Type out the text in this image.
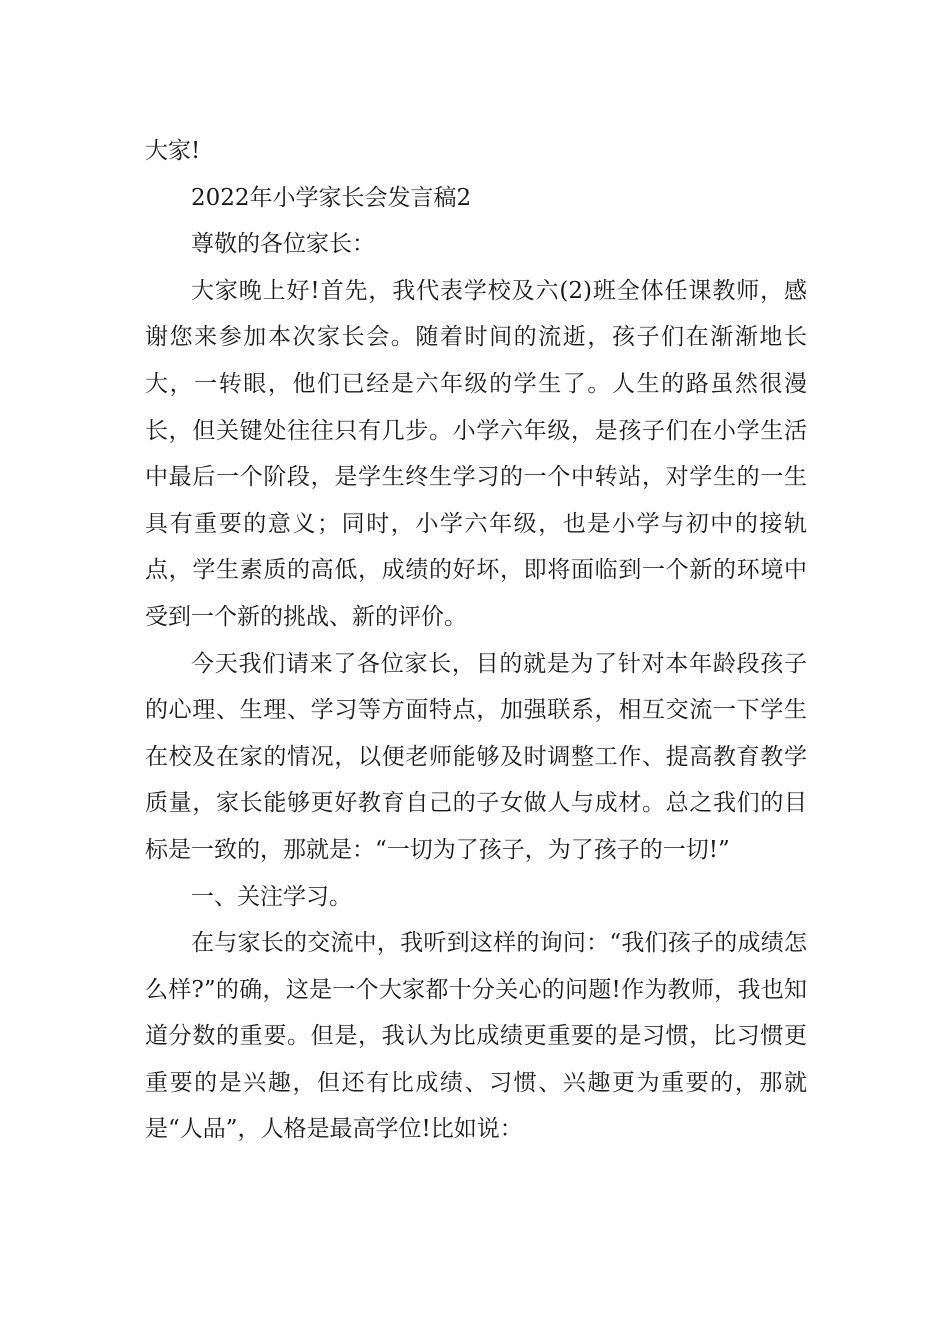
大家!

2022年小学家长会发言稿2

尊敬的各位家长：

大家晚上好!首先，我代表学校及六(2)班全体任课教师，感谢您来参加本次家长会。随着时间的流逝，孩子们在渐渐地长大，一转眼，他们已经是六年级的学生了。人生的路虽然很漫长，但关键处往往只有几步。小学六年级，是孩子们在小学生活中最后一个阶段，是学生终生学习的一个中转站，对学生的一生具有重要的意义；同时，小学六年级，也是小学与初中的接轨点，学生素质的高低，成绩的好坏，即将面临到一个新的环境中受到一个新的挑战、新的评价。

今天我们请来了各位家长，目的就是为了针对本年龄段孩子的心理、生理、学习等方面特点，加强联系，相互交流一下学生在校及在家的情况，以便老师能够及时调整工作、提高教育教学质量，家长能够更好教育自己的子女做人与成材。总之我们的目标是一致的，那就是：“一切为了孩子，为了孩子的一切!”

一、关注学习。

在与家长的交流中，我听到这样的询问：“我们孩子的成绩怎么样?”的确，这是一个大家都十分关心的问题!作为教师，我也知道分数的重要。但是，我认为比成绩更重要的是习惯，比习惯更重要的是兴趣，但还有比成绩、习惯、兴趣更为重要的，那就是“人品”，人格是最高学位!比如说：
